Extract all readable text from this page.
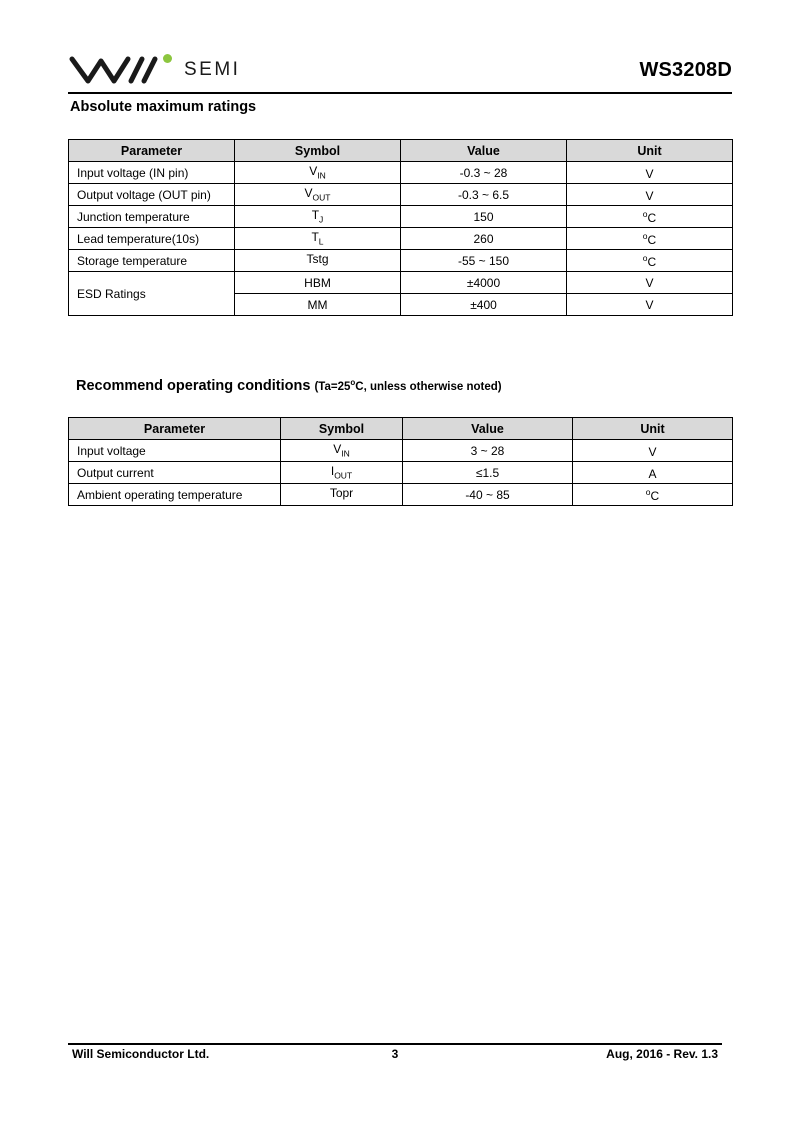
SEMI	WS3208D
Absolute maximum ratings
Parameter	Symbol	Value	Unit
Input voltage (IN pin)	$V_{IN}$	-0.3 ~ 28	V
Output voltage (OUT pin)	$V_{OUT}$	-0.3 ~ 6.5	V
Junction temperature	$T_J$	150	$^o$C
Lead temperature(10s)	$T_L$	260	$^o$C
Storage temperature	Tstg	-55 ~ 150	$^o$C
ESD Ratings	HBM	±4000	V
	MM	±400	V
Recommend operating conditions ($Ta=25^oC$, unless otherwise noted)
Parameter	Symbol	Value	Unit
Input voltage	$V_{IN}$	3 ~ 28	V
Output current	$I_{OUT}$	≤1.5	A
Ambient operating temperature	Topr	-40 ~ 85	$^o$C
Will Semiconductor Ltd.	3	Aug, 2016 - Rev. 1.3
